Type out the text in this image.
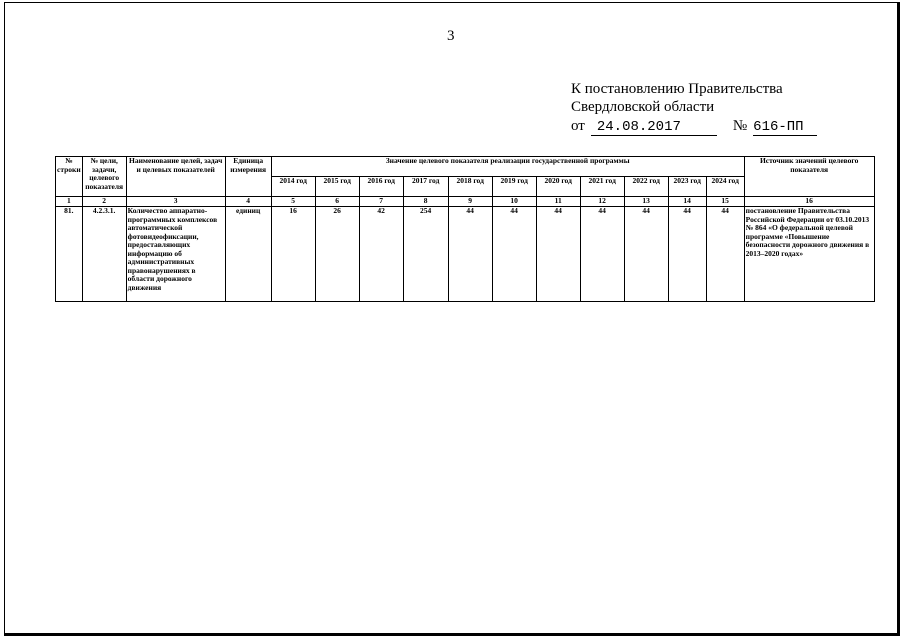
3
К постановлению Правительства
Свердловской области
от 24.08.2017	№ 616-ПП
№ строки	№ цели, задачи, целевого показателя	Наименование целей, задач и целевых показателей	Единица измерения	Значение целевого показателя реализации государственной программы											Источник значений целевого показателя
				2014 год	2015 год	2016 год	2017 год	2018 год	2019 год	2020 год	2021 год	2022 год	2023 год	2024 год	
1	2	3	4	5	6	7	8	9	10	11	12	13	14	15	16
81.	4.2.3.1.	Количество аппаратно-программных комплексов автоматической фотовидеофиксации, предоставляющих информацию об административных правонарушениях в области дорожного движения	единиц	16	26	42	254	44	44	44	44	44	44	44	постановление Правительства Российской Федерации от 03.10.2013 № 864 «О федеральной целевой программе «Повышение безопасности дорожного движения в 2013–2020 годах»
